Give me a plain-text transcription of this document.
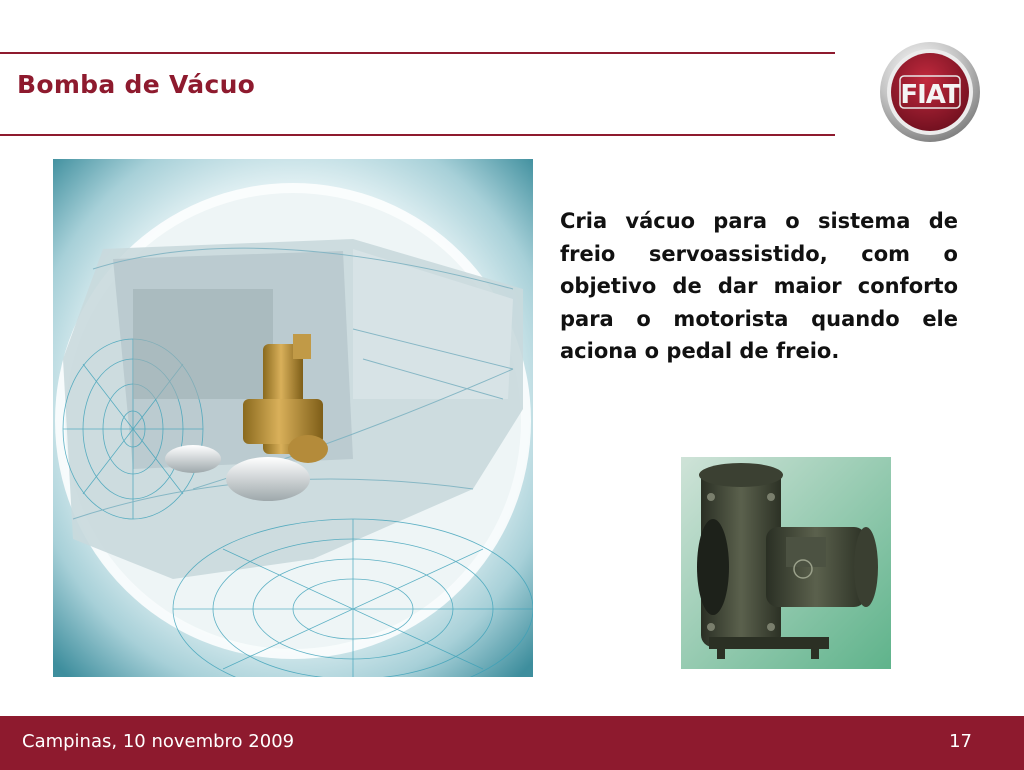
Bomba de Vácuo	FIAT
Cria vácuo para o sistema de freio servoassistido, com o objetivo de dar maior conforto para o motorista quando ele aciona o pedal de freio.
Campinas, 10 novembro 2009	17
